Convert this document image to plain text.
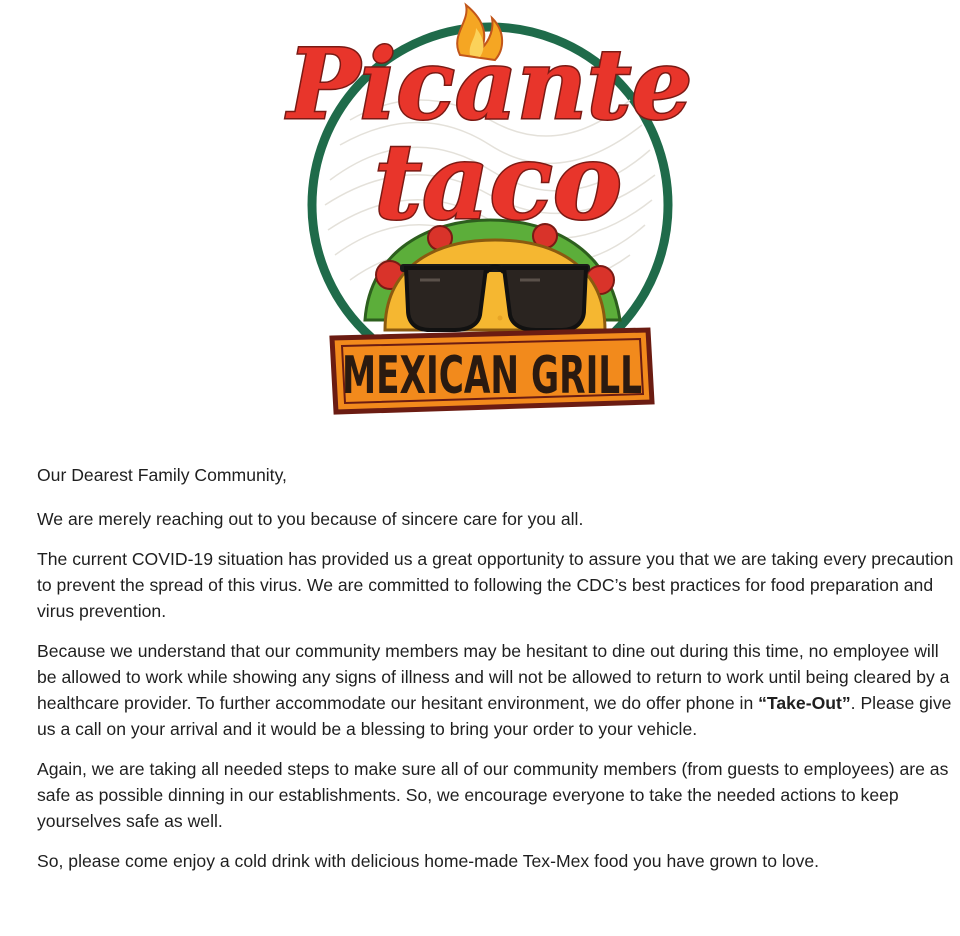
Picante
taco
MEXICAN GRILL

Our Dearest Family Community,

We are merely reaching out to you because of sincere care for you all.

The current COVID-19 situation has provided us a great opportunity to assure you that we are taking every precaution to prevent the spread of this virus. We are committed to following the CDC’s best practices for food preparation and virus prevention.

Because we understand that our community members may be hesitant to dine out during this time, no employee will be allowed to work while showing any signs of illness and will not be allowed to return to work until being cleared by a healthcare provider. To further accommodate our hesitant environment, we do offer phone in “Take-Out”. Please give us a call on your arrival and it would be a blessing to bring your order to your vehicle.

Again, we are taking all needed steps to make sure all of our community members (from guests to employees) are as safe as possible dinning in our establishments. So, we encourage everyone to take the needed actions to keep yourselves safe as well.

So, please come enjoy a cold drink with delicious home-made Tex-Mex food you have grown to love.
